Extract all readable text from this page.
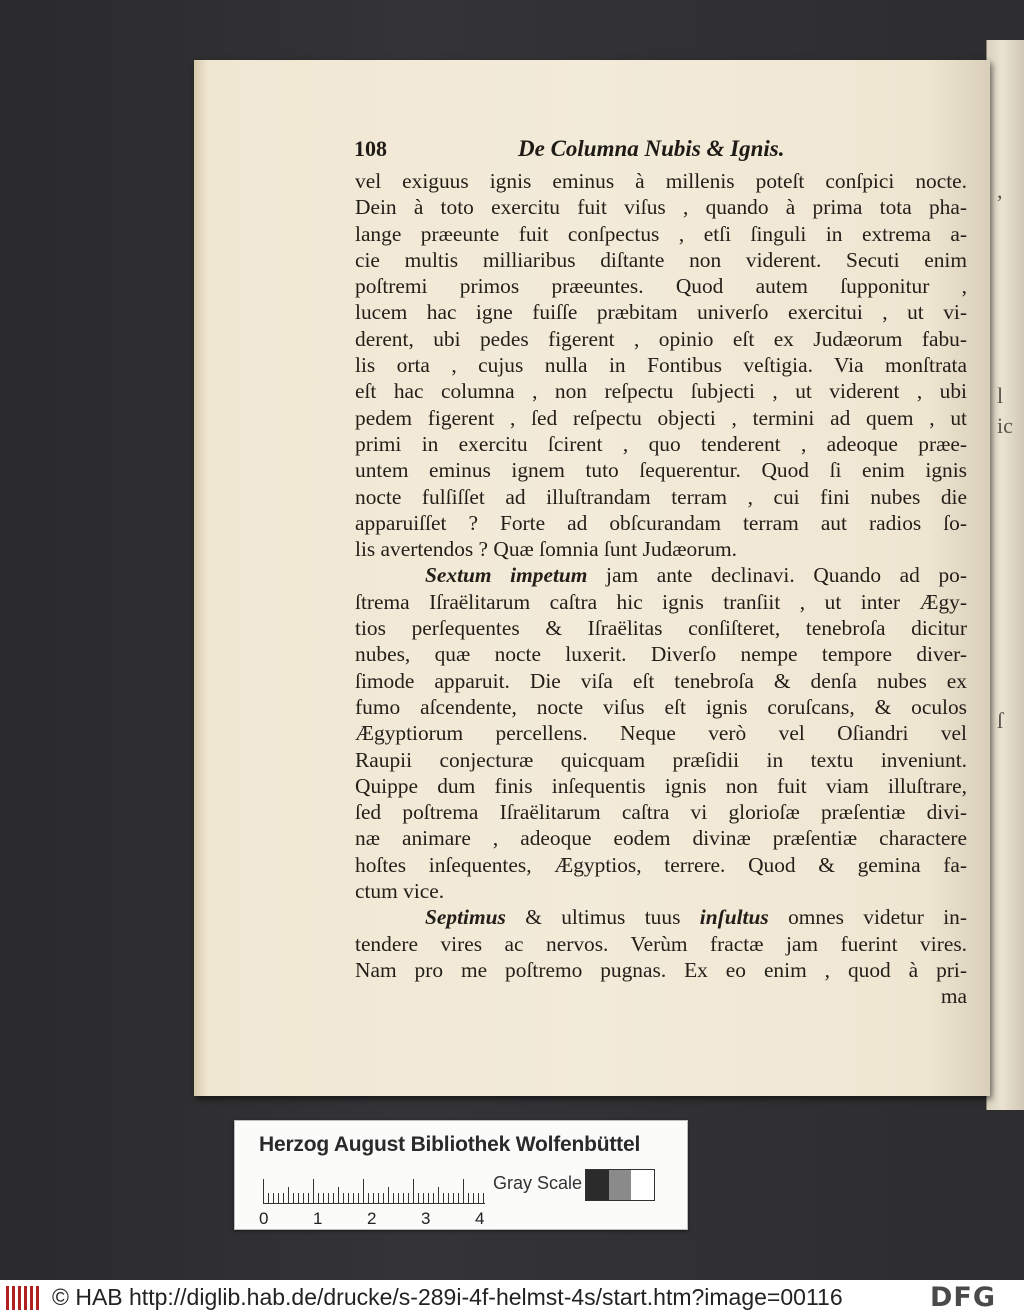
,
l
ic
ſ
108	De Columna Nubis & Ignis.
vel exiguus ignis eminus à millenis poteſt conſpici noctе.
Dein à toto exercitu fuit viſus , quando à prima tota pha-
lange præeunte fuit conſpectus , etſi ſinguli in extrema a-
cie multis milliaribus diſtante non viderent. Secuti enim
poſtremi primos præeuntes. Quod autem ſupponitur ,
lucem hac igne fuiſſe præbitam univerſo exercitui , ut vi-
derent, ubi pedes figerent , opinio eſt ex Judæorum fabu-
lis orta , cujus nulla in Fontibus veſtigia. Via monſtrata
eſt hac columna , non reſpectu ſubjecti , ut viderent , ubi
pedem figerent , ſed reſpectu objecti , termini ad quem , ut
primi in exercitu ſcirent , quo tenderent , adeoque præe-
untem eminus ignem tuto ſequerentur. Quod ſi enim ignis
nocte fulſiſſet ad illuſtrandam terram , cui fini nubes die
apparuiſſet ? Forte ad obſcurandam terram aut radios ſo-
lis avertendos ? Quæ ſomnia ſunt Judæorum.
Sextum impetum jam ante declinavi. Quando ad po-
ſtrema Iſraëlitarum caſtra hic ignis tranſiit , ut inter Ægy-
tios perſequentes & Iſraëlitas conſiſteret, tenebroſa dicitur
nubes, quæ nocte luxerit. Diverſo nempe tempore diver-
ſimode apparuit. Die viſa eſt tenebroſa & denſa nubes ex
fumo aſcendente, nocte viſus eſt ignis coruſcans, & oculos
Ægyptiorum percellens. Neque verò vel Oſiandri vel
Raupii conjecturæ quicquam præſidii in textu inveniunt.
Quippe dum finis inſequentis ignis non fuit viam illuſtrare,
ſed poſtrema Iſraëlitarum caſtra vi glorioſæ præſentiæ divi-
næ animare , adeoque eodem divinæ præſentiæ charactere
hoſtes inſequentes, Ægyptios, terrere. Quod & gemina fa-
ctum vice.
Septimus & ultimus tuus inſultus omnes videtur in-
tendere vires ac nervos. Verùm fractæ jam fuerint vires.
Nam pro me poſtremo pugnas. Ex eo enim , quod à pri-
ma
Herzog August Bibliothek Wolfenbüttel
0	1	2	3	4
Gray Scale
© HAB http://diglib.hab.de/drucke/s-289i-4f-helmst-4s/start.htm?image=00116	DFG
